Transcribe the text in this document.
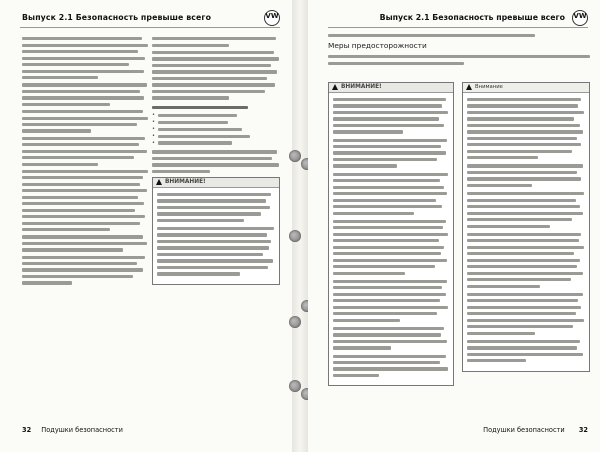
Выпуск 2.1 Безопасность превыше всего	VW
•
•
•
•
•
ВНИМАНИЕ!
32 Подушки безопасности
Выпуск 2.1 Безопасность превыше всего VW
Меры предосторожности
ВНИМАНИЕ!	Внимание
Подушки безопасности 32
